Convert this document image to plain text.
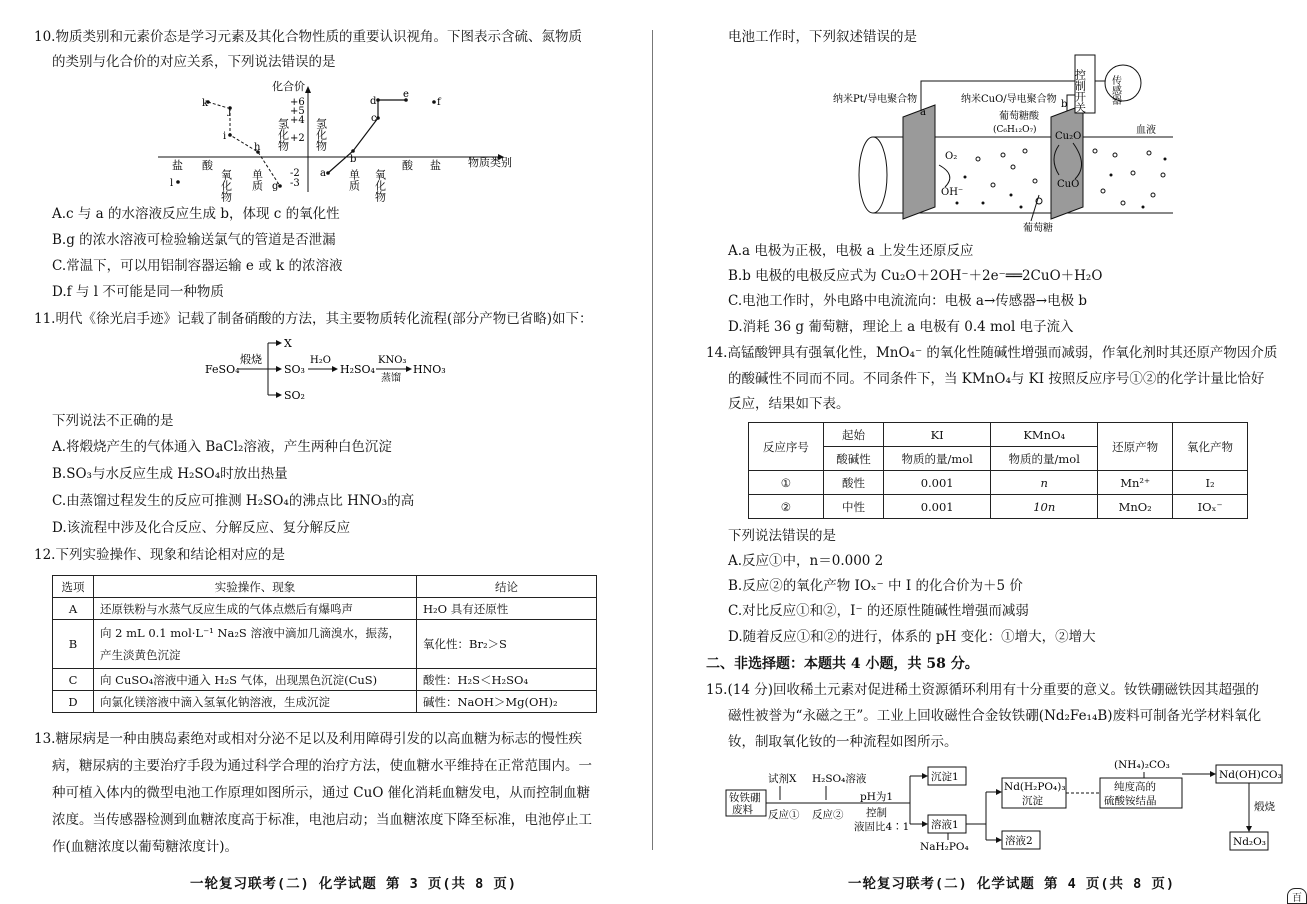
10.物质类别和元素价态是学习元素及其化合物性质的重要认识视角。下图表示含硫、氮物质
的类别与化合价的对应关系，下列说法错误的是
化合价
物质类别
+6
+5
+4
+2
-2
-3
盐 酸
氧化物 单质
氢化物 氢化物
单质 氧化物
酸 盐
k
j
i
h
g
l
a
b
c
d
e
f
A.c 与 a 的水溶液反应生成 b，体现 c 的氧化性
B.g 的浓水溶液可检验输送氯气的管道是否泄漏
C.常温下，可以用铝制容器运输 e 或 k 的浓溶液
D.f 与 l 不可能是同一种物质
11.明代《徐光启手迹》记载了制备硝酸的方法，其主要物质转化流程(部分产物已省略)如下：
FeSO₄
煅烧
X
SO₃
SO₂
H₂O
H₂SO₄
KNO₃
蒸馏
HNO₃
下列说法不正确的是
A.将煅烧产生的气体通入 BaCl₂溶液，产生两种白色沉淀
B.SO₃与水反应生成 H₂SO₄时放出热量
C.由蒸馏过程发生的反应可推测 H₂SO₄的沸点比 HNO₃的高
D.该流程中涉及化合反应、分解反应、复分解反应
12.下列实验操作、现象和结论相对应的是
选项	实验操作、现象	结论
A	还原铁粉与水蒸气反应生成的气体点燃后有爆鸣声	H₂O 具有还原性
B	向 2 mL 0.1 mol·L⁻¹ Na₂S 溶液中滴加几滴溴水，振荡，产生淡黄色沉淀	氧化性：Br₂＞S
C	向 CuSO₄溶液中通入 H₂S 气体，出现黑色沉淀(CuS)	酸性：H₂S＜H₂SO₄
D	向氯化镁溶液中滴入氢氧化钠溶液，生成沉淀	碱性：NaOH＞Mg(OH)₂
13.糖尿病是一种由胰岛素绝对或相对分泌不足以及利用障碍引发的以高血糖为标志的慢性疾
病，糖尿病的主要治疗手段为通过科学合理的治疗方法，使血糖水平维持在正常范围内。一
种可植入体内的微型电池工作原理如图所示，通过 CuO 催化消耗血糖发电，从而控制血糖
浓度。当传感器检测到血糖浓度高于标准，电池启动；当血糖浓度下降至标准，电池停止工
作(血糖浓度以葡萄糖浓度计)。
一轮复习联考(二) 化学试题 第 3 页(共 8 页)
电池工作时，下列叙述错误的是
控制开关 传感器
纳米Pt/导电聚合物
a
纳米CuO/导电聚合物 b
葡萄糖酸
(C₆H₁₂O₇)	血液
O₂
OH⁻
Cu₂O
CuO
葡萄糖
A.a 电极为正极，电极 a 上发生还原反应
B.b 电极的电极反应式为 Cu₂O＋2OH⁻＋2e⁻══2CuO＋H₂O
C.电池工作时，外电路中电流流向：电极 a→传感器→电极 b
D.消耗 36 g 葡萄糖，理论上 a 电极有 0.4 mol 电子流入
14.高锰酸钾具有强氧化性，MnO₄⁻ 的氧化性随碱性增强而减弱，作氧化剂时其还原产物因介质
的酸碱性不同而不同。不同条件下，当 KMnO₄与 KI 按照反应序号①②的化学计量比恰好
反应，结果如下表。
反应序号	起始	KI	KMnO₄	还原产物	氧化产物
	酸碱性	物质的量/mol	物质的量/mol		
①	酸性	0.001	n	Mn²⁺	I₂
②	中性	0.001	10n	MnO₂	IOₓ⁻
下列说法错误的是
A.反应①中，n＝0.000 2
B.反应②的氧化产物 IOₓ⁻ 中 I 的化合价为＋5 价
C.对比反应①和②，I⁻ 的还原性随碱性增强而减弱
D.随着反应①和②的进行，体系的 pH 变化：①增大，②增大
二、非选择题：本题共 4 小题，共 58 分。
15.(14 分)回收稀土元素对促进稀土资源循环利用有十分重要的意义。钕铁硼磁铁因其超强的
磁性被誉为“永磁之王”。工业上回收磁性合金钕铁硼(Nd₂Fe₁₄B)废料可制备光学材料氧化
钕，制取氧化钕的一种流程如图所示。
钕铁硼
废料
试剂X H₂SO₄溶液
反应① 反应②
pH为1
控制
液固比4∶1
沉淀1
溶液1
NaH₂PO₄
Nd(H₂PO₄)₃
沉淀
溶液2
(NH₄)₂CO₃
纯度高的
硫酸铵结晶
Nd(OH)CO₃
煅烧
Nd₂O₃
一轮复习联考(二) 化学试题 第 4 页(共 8 页)
百
